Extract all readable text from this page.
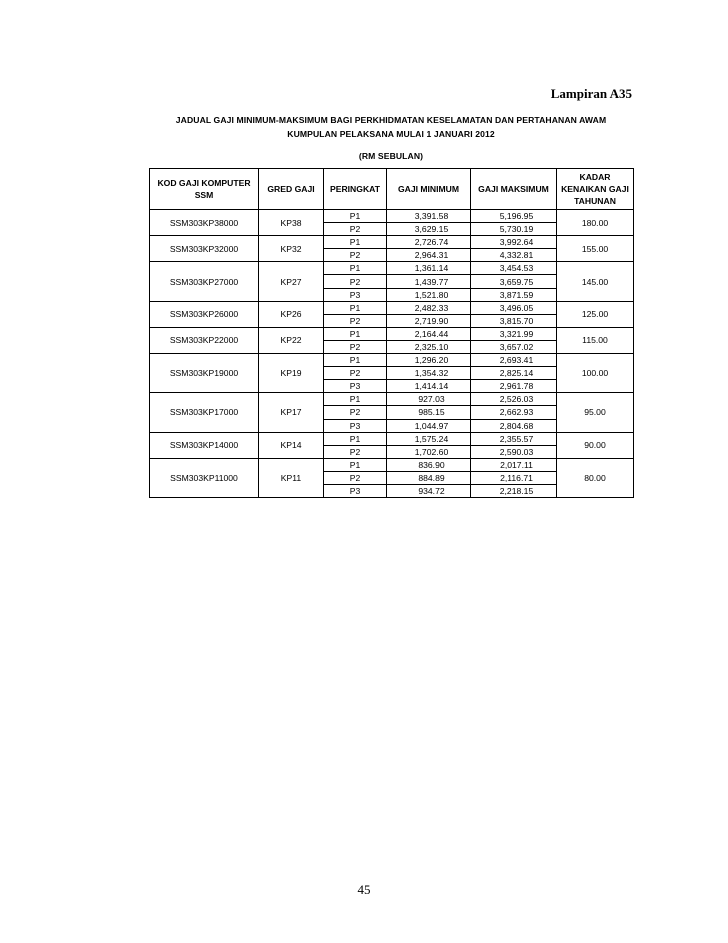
Lampiran A35
JADUAL GAJI MINIMUM-MAKSIMUM BAGI PERKHIDMATAN KESELAMATAN DAN PERTAHANAN AWAM
KUMPULAN PELAKSANA MULAI 1 JANUARI 2012
(RM SEBULAN)
KOD GAJI KOMPUTER SSM	GRED GAJI	PERINGKAT	GAJI MINIMUM	GAJI MAKSIMUM	KADAR KENAIKAN GAJI TAHUNAN
SSM303KP38000	KP38	P1	3,391.58	5,196.95	180.00
		P2	3,629.15	5,730.19	
SSM303KP32000	KP32	P1	2,726.74	3,992.64	155.00
		P2	2,964.31	4,332.81	
SSM303KP27000	KP27	P1	1,361.14	3,454.53	145.00
		P2	1,439.77	3,659.75	
		P3	1,521.80	3,871.59	
SSM303KP26000	KP26	P1	2,482.33	3,496.05	125.00
		P2	2,719.90	3,815.70	
SSM303KP22000	KP22	P1	2,164.44	3,321.99	115.00
		P2	2,325.10	3,657.02	
SSM303KP19000	KP19	P1	1,296.20	2,693.41	100.00
		P2	1,354.32	2,825.14	
		P3	1,414.14	2,961.78	
SSM303KP17000	KP17	P1	927.03	2,526.03	95.00
		P2	985.15	2,662.93	
		P3	1,044.97	2,804.68	
SSM303KP14000	KP14	P1	1,575.24	2,355.57	90.00
		P2	1,702.60	2,590.03	
SSM303KP11000	KP11	P1	836.90	2,017.11	80.00
		P2	884.89	2,116.71	
		P3	934.72	2,218.15	
45
